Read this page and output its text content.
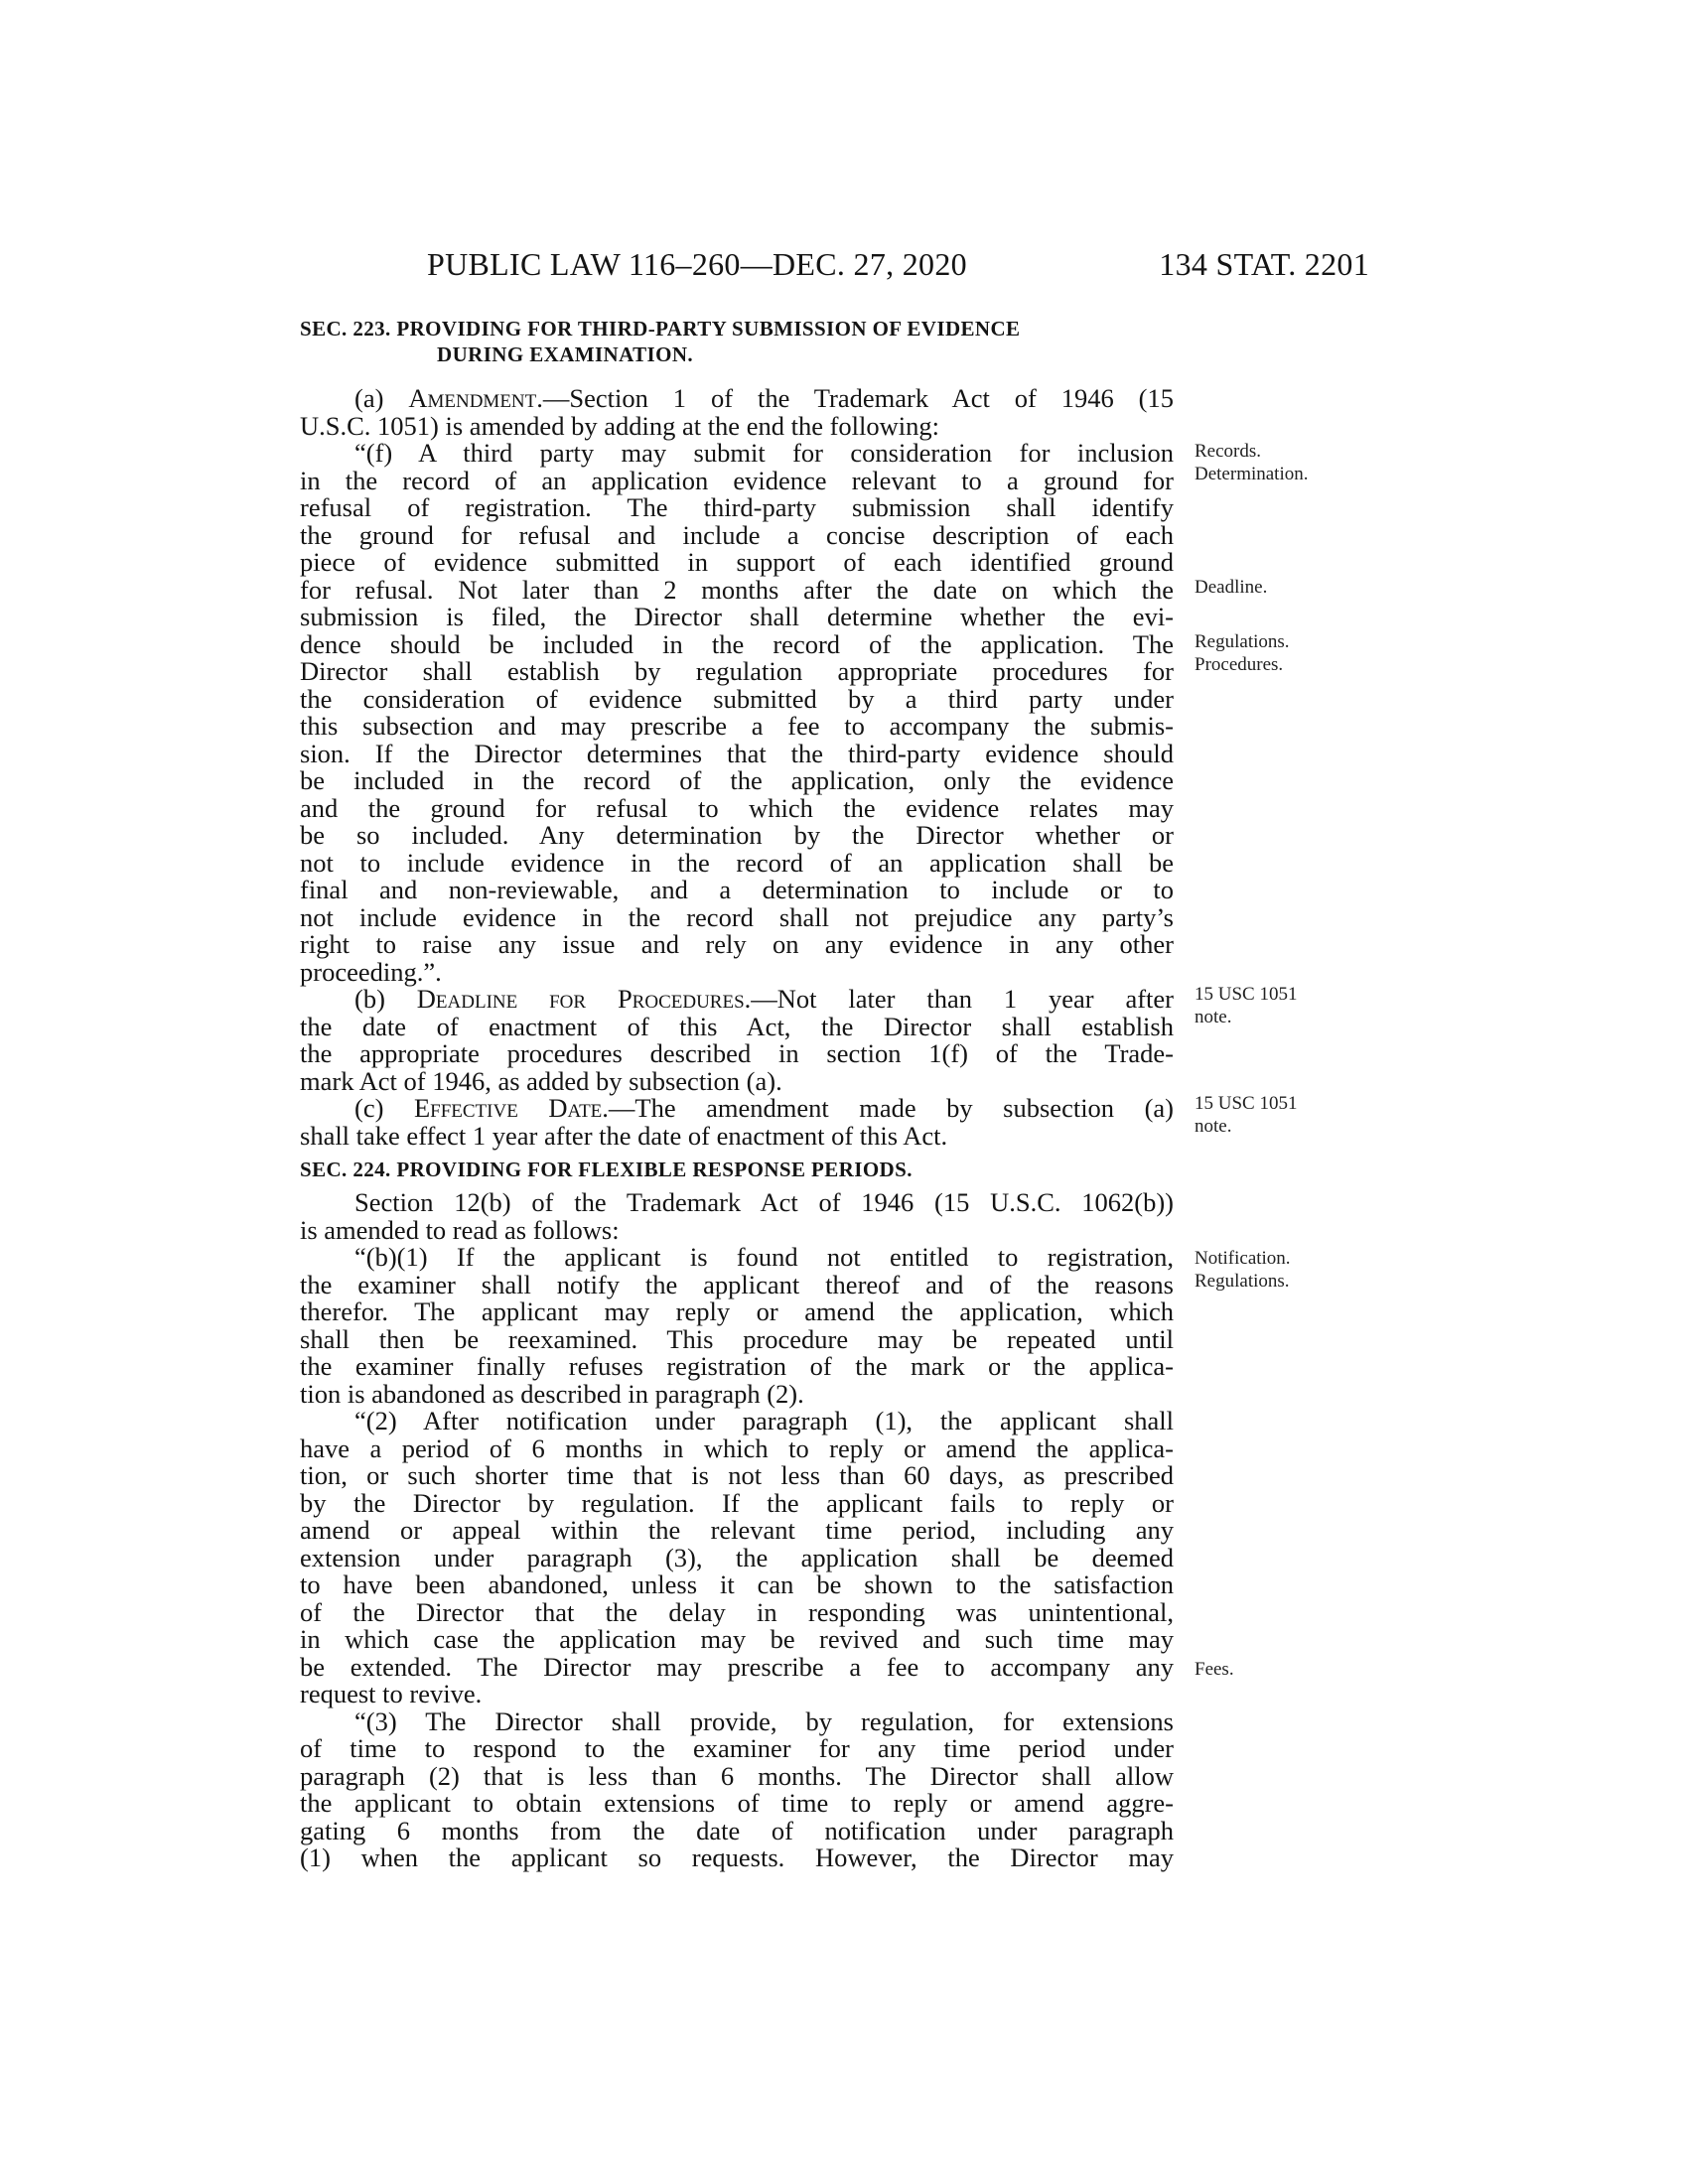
PUBLIC LAW 116–260—DEC. 27, 2020	134 STAT. 2201
SEC. 223. PROVIDING FOR THIRD-PARTY SUBMISSION OF EVIDENCE
DURING EXAMINATION.

(a) Amendment.—Section 1 of the Trademark Act of 1946 (15

U.S.C. 1051) is amended by adding at the end the following:

“(f) A third party may submit for consideration for inclusion

in the record of an application evidence relevant to a ground for

refusal of registration. The third-party submission shall identify

the ground for refusal and include a concise description of each

piece of evidence submitted in support of each identified ground

for refusal. Not later than 2 months after the date on which the

submission is filed, the Director shall determine whether the evi-

dence should be included in the record of the application. The

Director shall establish by regulation appropriate procedures for

the consideration of evidence submitted by a third party under

this subsection and may prescribe a fee to accompany the submis-

sion. If the Director determines that the third-party evidence should

be included in the record of the application, only the evidence

and the ground for refusal to which the evidence relates may

be so included. Any determination by the Director whether or

not to include evidence in the record of an application shall be

final and non-reviewable, and a determination to include or to

not include evidence in the record shall not prejudice any party’s

right to raise any issue and rely on any evidence in any other

proceeding.”.

(b) Deadline for Procedures.—Not later than 1 year after

the date of enactment of this Act, the Director shall establish

the appropriate procedures described in section 1(f) of the Trade-

mark Act of 1946, as added by subsection (a).

(c) Effective Date.—The amendment made by subsection (a)

shall take effect 1 year after the date of enactment of this Act.

SEC. 224. PROVIDING FOR FLEXIBLE RESPONSE PERIODS.

Section 12(b) of the Trademark Act of 1946 (15 U.S.C. 1062(b))

is amended to read as follows:

“(b)(1) If the applicant is found not entitled to registration,

the examiner shall notify the applicant thereof and of the reasons

therefor. The applicant may reply or amend the application, which

shall then be reexamined. This procedure may be repeated until

the examiner finally refuses registration of the mark or the applica-

tion is abandoned as described in paragraph (2).

“(2) After notification under paragraph (1), the applicant shall

have a period of 6 months in which to reply or amend the applica-

tion, or such shorter time that is not less than 60 days, as prescribed

by the Director by regulation. If the applicant fails to reply or

amend or appeal within the relevant time period, including any

extension under paragraph (3), the application shall be deemed

to have been abandoned, unless it can be shown to the satisfaction

of the Director that the delay in responding was unintentional,

in which case the application may be revived and such time may

be extended. The Director may prescribe a fee to accompany any

request to revive.

“(3) The Director shall provide, by regulation, for extensions

of time to respond to the examiner for any time period under

paragraph (2) that is less than 6 months. The Director shall allow

the applicant to obtain extensions of time to reply or amend aggre-

gating 6 months from the date of notification under paragraph

(1) when the applicant so requests. However, the Director may

Records.
Determination.
Deadline.
Regulations.
Procedures.
15 USC 1051
note.
15 USC 1051
note.
Notification.
Regulations.
Fees.
